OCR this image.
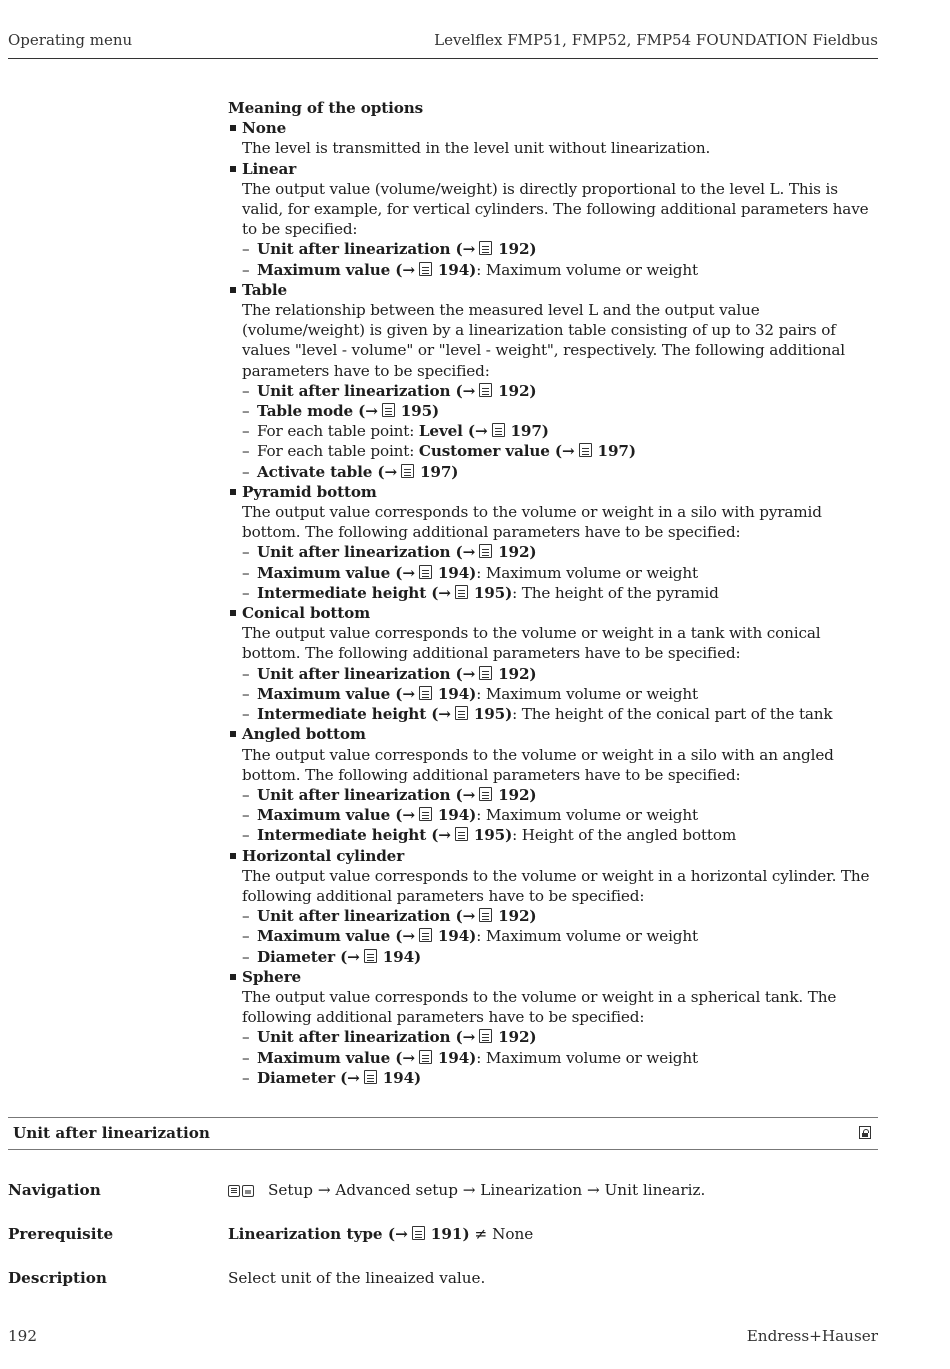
Operating menu	Levelflex FMP51, FMP52, FMP54 FOUNDATION Fieldbus
Meaning of the options
None
The level is transmitted in the level unit without linearization.
Linear
The output value (volume/weight) is directly proportional to the level L. This is valid, for example, for vertical cylinders. The following additional parameters have to be specified:
– Unit after linearization (→ 192)
– Maximum value (→ 194): Maximum volume or weight
Table
The relationship between the measured level L and the output value (volume/weight) is given by a linearization table consisting of up to 32 pairs of values "level - volume" or "level - weight", respectively. The following additional parameters have to be specified:
– Unit after linearization (→ 192)
– Table mode (→ 195)
– For each table point: Level (→ 197)
– For each table point: Customer value (→ 197)
– Activate table (→ 197)
Pyramid bottom
The output value corresponds to the volume or weight in a silo with pyramid bottom. The following additional parameters have to be specified:
– Unit after linearization (→ 192)
– Maximum value (→ 194): Maximum volume or weight
– Intermediate height (→ 195): The height of the pyramid
Conical bottom
The output value corresponds to the volume or weight in a tank with conical bottom. The following additional parameters have to be specified:
– Unit after linearization (→ 192)
– Maximum value (→ 194): Maximum volume or weight
– Intermediate height (→ 195): The height of the conical part of the tank
Angled bottom
The output value corresponds to the volume or weight in a silo with an angled bottom. The following additional parameters have to be specified:
– Unit after linearization (→ 192)
– Maximum value (→ 194): Maximum volume or weight
– Intermediate height (→ 195): Height of the angled bottom
Horizontal cylinder
The output value corresponds to the volume or weight in a horizontal cylinder. The following additional parameters have to be specified:
– Unit after linearization (→ 192)
– Maximum value (→ 194): Maximum volume or weight
– Diameter (→ 194)
Sphere
The output value corresponds to the volume or weight in a spherical tank. The following additional parameters have to be specified:
– Unit after linearization (→ 192)
– Maximum value (→ 194): Maximum volume or weight
– Diameter (→ 194)
Unit after linearization
Navigation	Setup → Advanced setup → Linearization → Unit lineariz.
Prerequisite	Linearization type (→ 191) ≠ None
Description	Select unit of the lineaized value.
192	Endress+Hauser
